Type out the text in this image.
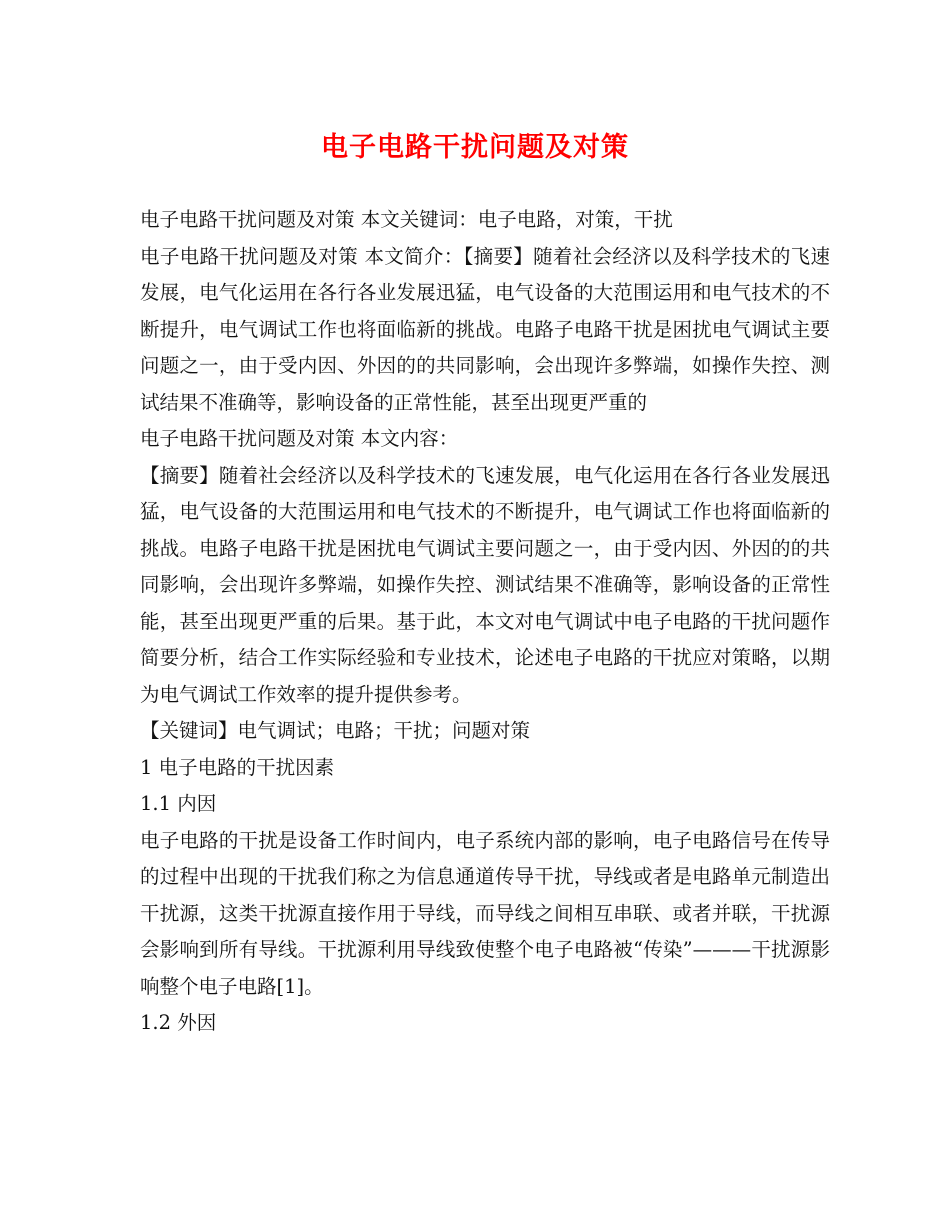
电子电路干扰问题及对策

电子电路干扰问题及对策 本文关键词：电子电路，对策，干扰

电子电路干扰问题及对策 本文简介：【摘要】随着社会经济以及科学技术的飞速发展，电气化运用在各行各业发展迅猛，电气设备的大范围运用和电气技术的不断提升，电气调试工作也将面临新的挑战。电路子电路干扰是困扰电气调试主要问题之一，由于受内因、外因的的共同影响，会出现许多弊端，如操作失控、测试结果不准确等，影响设备的正常性能，甚至出现更严重的

电子电路干扰问题及对策 本文内容：

【摘要】随着社会经济以及科学技术的飞速发展，电气化运用在各行各业发展迅猛，电气设备的大范围运用和电气技术的不断提升，电气调试工作也将面临新的挑战。电路子电路干扰是困扰电气调试主要问题之一，由于受内因、外因的的共同影响，会出现许多弊端，如操作失控、测试结果不准确等，影响设备的正常性能，甚至出现更严重的后果。基于此，本文对电气调试中电子电路的干扰问题作简要分析，结合工作实际经验和专业技术，论述电子电路的干扰应对策略，以期为电气调试工作效率的提升提供参考。

【关键词】电气调试；电路；干扰；问题对策

1 电子电路的干扰因素

1.1 内因

电子电路的干扰是设备工作时间内，电子系统内部的影响，电子电路信号在传导的过程中出现的干扰我们称之为信息通道传导干扰，导线或者是电路单元制造出干扰源，这类干扰源直接作用于导线，而导线之间相互串联、或者并联，干扰源会影响到所有导线。干扰源利用导线致使整个电子电路被“传染”———干扰源影响整个电子电路[1]。

1.2 外因
